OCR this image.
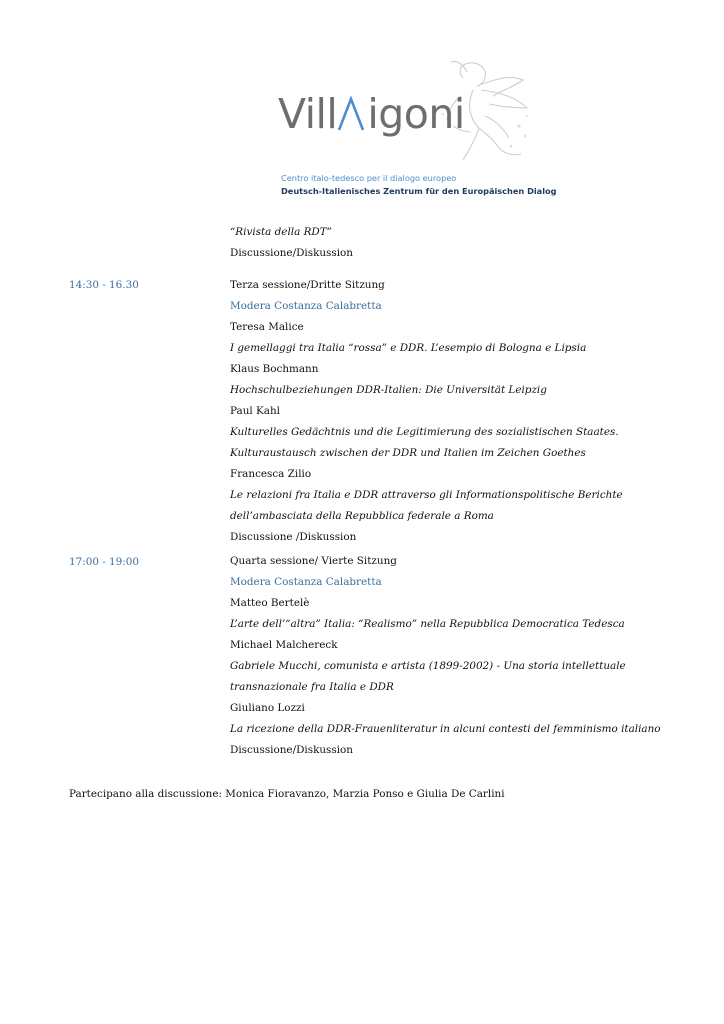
Vill igoni
Centro italo-tedesco per il dialogo europeo
Deutsch-Italienisches Zentrum für den Europäischen Dialog
“Rivista della RDT”
Discussione/Diskussion
14:30 - 16.30	Terza sessione/Dritte Sitzung
Modera Costanza Calabretta
Teresa Malice
I gemellaggi tra Italia “rossa” e DDR. L’esempio di Bologna e Lipsia
Klaus Bochmann
Hochschulbeziehungen DDR-Italien: Die Universität Leipzig
Paul Kahl
Kulturelles Gedächtnis und die Legitimierung des sozialistischen Staates.
Kulturaustausch zwischen der DDR und Italien im Zeichen Goethes
Francesca Zilio
Le relazioni fra Italia e DDR attraverso gli Informationspolitische Berichte
dell’ambasciata della Repubblica federale a Roma
Discussione /Diskussion
17:00 - 19:00	Quarta sessione/ Vierte Sitzung
Modera Costanza Calabretta
Matteo Bertelè
L’arte dell’“altra” Italia: “Realismo” nella Repubblica Democratica Tedesca
Michael Malchereck
Gabriele Mucchi, comunista e artista (1899-2002) - Una storia intellettuale
transnazionale fra Italia e DDR
Giuliano Lozzi
La ricezione della DDR-Frauenliteratur in alcuni contesti del femminismo italiano
Discussione/Diskussion
Partecipano alla discussione: Monica Fioravanzo, Marzia Ponso e Giulia De Carlini
